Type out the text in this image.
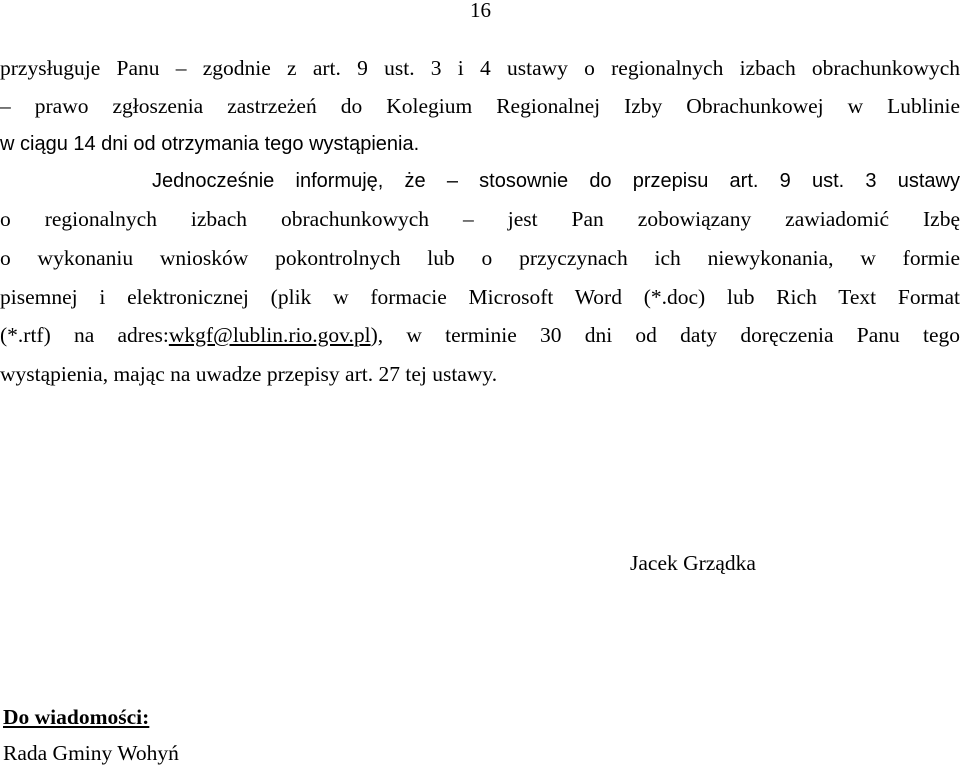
16
przysługuje Panu – zgodnie z art. 9 ust. 3 i 4 ustawy o regionalnych izbach obrachunkowych
– prawo zgłoszenia zastrzeżeń do Kolegium Regionalnej Izby Obrachunkowej w Lublinie
w ciągu 14 dni od otrzymania tego wystąpienia.
Jednocześnie informuję, że – stosownie do przepisu art. 9 ust. 3 ustawy
o regionalnych izbach obrachunkowych – jest Pan zobowiązany zawiadomić Izbę
o wykonaniu wniosków pokontrolnych lub o przyczynach ich niewykonania, w formie
pisemnej i elektronicznej (plik w formacie Microsoft Word (*.doc) lub Rich Text Format
(*.rtf) na adres:wkgf@lublin.rio.gov.pl), w terminie 30 dni od daty doręczenia Panu tego
wystąpienia, mając na uwadze przepisy art. 27 tej ustawy.
Jacek Grządka
Do wiadomości:
Rada Gminy Wohyń
